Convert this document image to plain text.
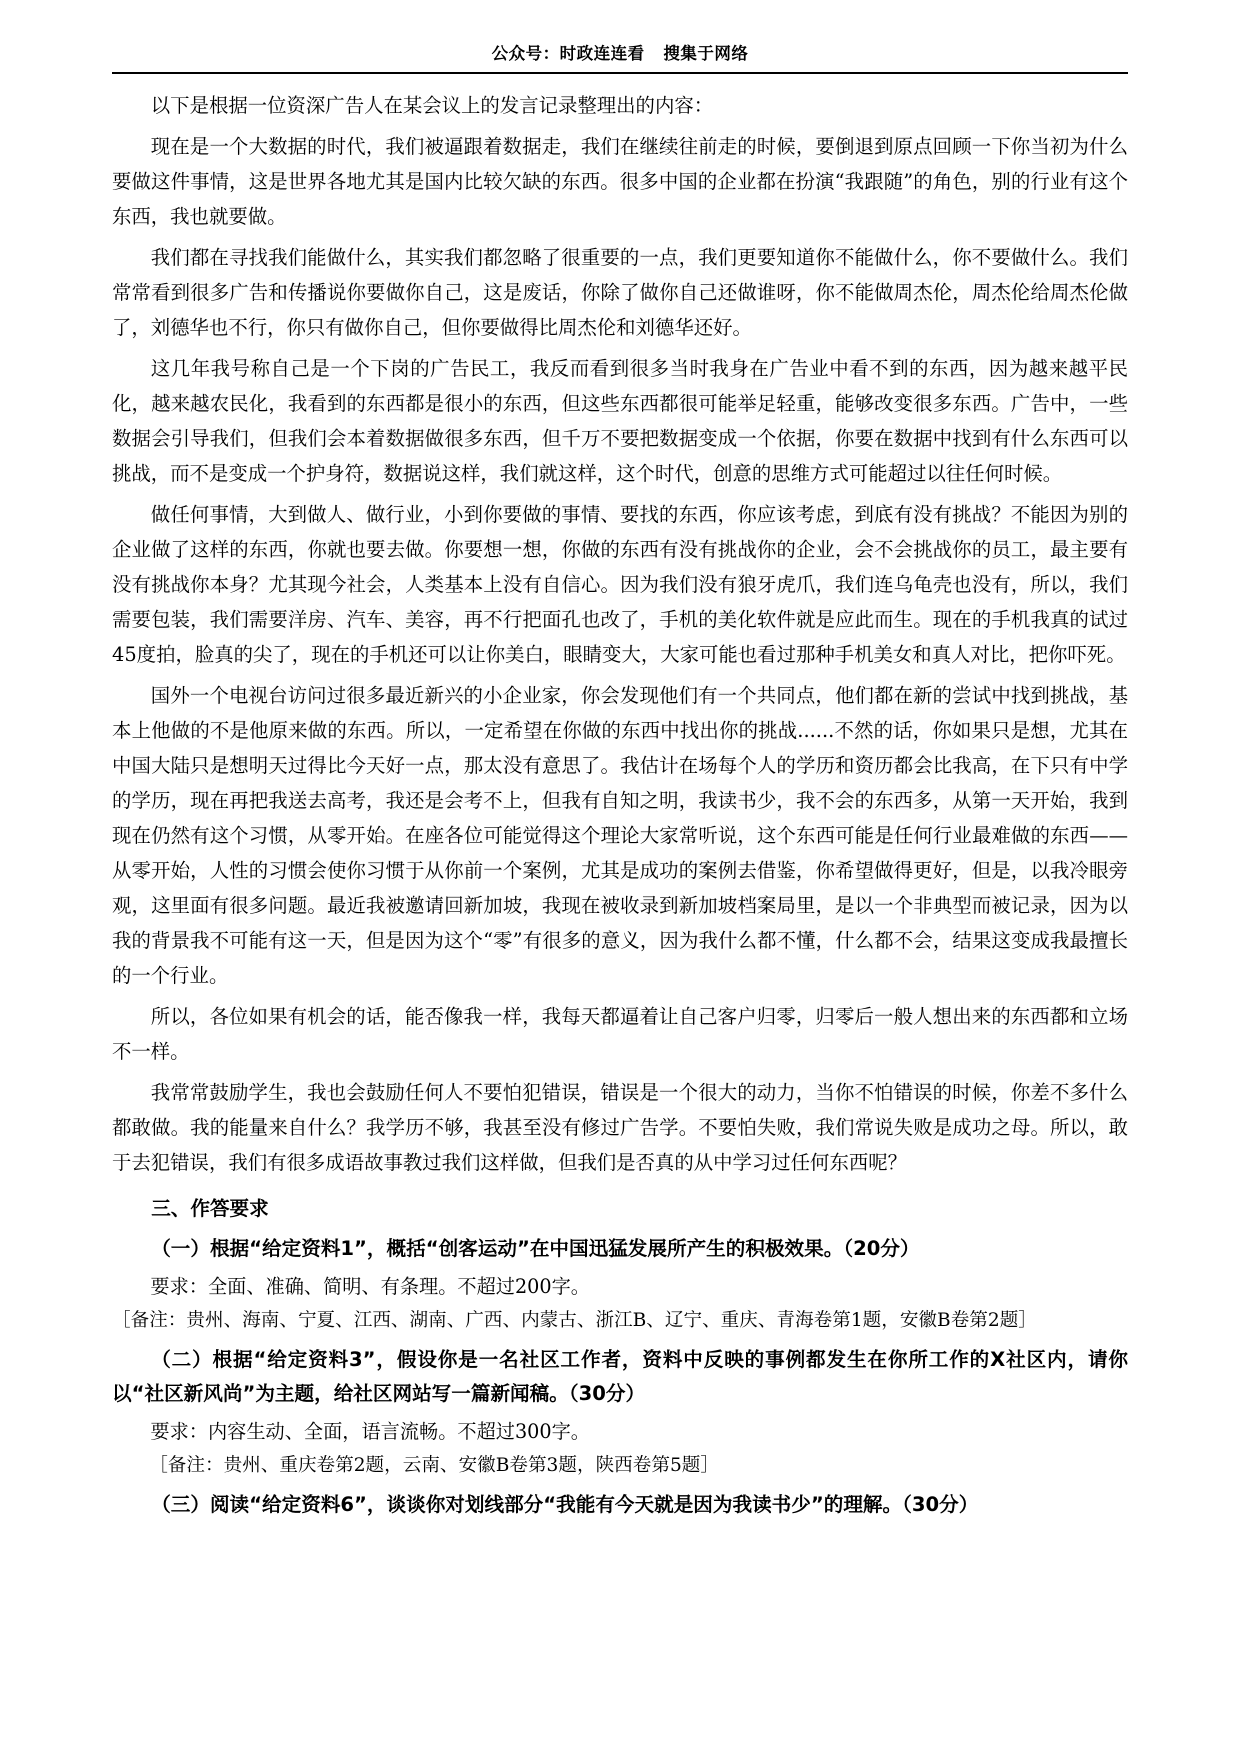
公众号：时政连连看   搜集于网络

以下是根据一位资深广告人在某会议上的发言记录整理出的内容：

现在是一个大数据的时代，我们被逼跟着数据走，我们在继续往前走的时候，要倒退到原点回顾一下你当初为什么要做这件事情，这是世界各地尤其是国内比较欠缺的东西。很多中国的企业都在扮演“我跟随”的角色，别的行业有这个东西，我也就要做。

我们都在寻找我们能做什么，其实我们都忽略了很重要的一点，我们更要知道你不能做什么，你不要做什么。我们常常看到很多广告和传播说你要做你自己，这是废话，你除了做你自己还做谁呀，你不能做周杰伦，周杰伦给周杰伦做了，刘德华也不行，你只有做你自己，但你要做得比周杰伦和刘德华还好。

这几年我号称自己是一个下岗的广告民工，我反而看到很多当时我身在广告业中看不到的东西，因为越来越平民化，越来越农民化，我看到的东西都是很小的东西，但这些东西都很可能举足轻重，能够改变很多东西。广告中，一些数据会引导我们，但我们会本着数据做很多东西，但千万不要把数据变成一个依据，你要在数据中找到有什么东西可以挑战，而不是变成一个护身符，数据说这样，我们就这样，这个时代，创意的思维方式可能超过以往任何时候。

做任何事情，大到做人、做行业，小到你要做的事情、要找的东西，你应该考虑，到底有没有挑战？不能因为别的企业做了这样的东西，你就也要去做。你要想一想，你做的东西有没有挑战你的企业，会不会挑战你的员工，最主要有没有挑战你本身？尤其现今社会，人类基本上没有自信心。因为我们没有狼牙虎爪，我们连乌龟壳也没有，所以，我们需要包装，我们需要洋房、汽车、美容，再不行把面孔也改了，手机的美化软件就是应此而生。现在的手机我真的试过45度拍，脸真的尖了，现在的手机还可以让你美白，眼睛变大，大家可能也看过那种手机美女和真人对比，把你吓死。

国外一个电视台访问过很多最近新兴的小企业家，你会发现他们有一个共同点，他们都在新的尝试中找到挑战，基本上他做的不是他原来做的东西。所以，一定希望在你做的东西中找出你的挑战......不然的话，你如果只是想，尤其在中国大陆只是想明天过得比今天好一点，那太没有意思了。我估计在场每个人的学历和资历都会比我高，在下只有中学的学历，现在再把我送去高考，我还是会考不上，但我有自知之明，我读书少，我不会的东西多，从第一天开始，我到现在仍然有这个习惯，从零开始。在座各位可能觉得这个理论大家常听说，这个东西可能是任何行业最难做的东西——从零开始，人性的习惯会使你习惯于从你前一个案例，尤其是成功的案例去借鉴，你希望做得更好，但是，以我冷眼旁观，这里面有很多问题。最近我被邀请回新加坡，我现在被收录到新加坡档案局里，是以一个非典型而被记录，因为以我的背景我不可能有这一天，但是因为这个“零”有很多的意义，因为我什么都不懂，什么都不会，结果这变成我最擅长的一个行业。

所以，各位如果有机会的话，能否像我一样，我每天都逼着让自己客户归零，归零后一般人想出来的东西都和立场不一样。

我常常鼓励学生，我也会鼓励任何人不要怕犯错误，错误是一个很大的动力，当你不怕错误的时候，你差不多什么都敢做。我的能量来自什么？我学历不够，我甚至没有修过广告学。不要怕失败，我们常说失败是成功之母。所以，敢于去犯错误，我们有很多成语故事教过我们这样做，但我们是否真的从中学习过任何东西呢？

三、作答要求
（一）根据“给定资料1”，概括“创客运动”在中国迅猛发展所产生的积极效果。（20分）
要求：全面、准确、简明、有条理。不超过200字。
［备注：贵州、海南、宁夏、江西、湖南、广西、内蒙古、浙江B、辽宁、重庆、青海卷第1题，安徽B卷第2题］
（二）根据“给定资料3”，假设你是一名社区工作者，资料中反映的事例都发生在你所工作的X社区内，请你以“社区新风尚”为主题，给社区网站写一篇新闻稿。（30分）
要求：内容生动、全面，语言流畅。不超过300字。
［备注：贵州、重庆卷第2题，云南、安徽B卷第3题，陕西卷第5题］
（三）阅读“给定资料6”，谈谈你对划线部分“我能有今天就是因为我读书少”的理解。（30分）
